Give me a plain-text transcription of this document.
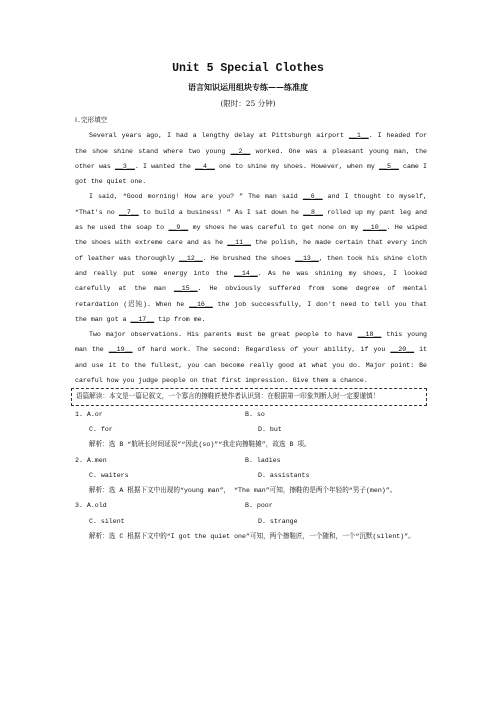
Unit 5 Special Clothes
语言知识运用组块专练——练准度
(限时：25 分钟)
Ⅰ.完形填空

Several years ago, I had a lengthy delay at Pittsburgh airport __1__. I headed for the shoe shine stand where two young __2__ worked. One was a pleasant young man, the other was __3__. I wanted the __4__ one to shine my shoes. However, when my __5__ came I got the quiet one.

I said, “Good morning! How are you? ” The man said __6__ and I thought to myself, “That's no __7__ to build a business! ” As I sat down he __8__ rolled up my pant leg and as he used the soap to __9__ my shoes he was careful to get none on my __10__. He wiped the shoes with extreme care and as he __11__ the polish, he made certain that every inch of leather was thoroughly __12__. He brushed the shoes __13__, then took his shine cloth and really put some energy into the __14__. As he was shining my shoes, I looked carefully at the man __15__. He obviously suffered from some degree of mental retardation (迟钝). When he __16__ the job successfully, I don't need to tell you that the man got a __17__ tip from me.

Two major observations. His parents must be great people to have __18__ this young man the __19__ of hard work. The second: Regardless of your ability, if you __20__ it and use it to the fullest, you can become really good at what you do. Major point: Be careful how you judge people on that first impression. Give them a chance.

语篇解读：本文是一篇记叙文，一个寡言的擦鞋匠使作者认识到：在根据第一印象判断人时一定要谨慎！
1. A.or	B. so
C. for	D. but

解析：选 B “航班长时间延误”“因此(so)”“我走向擦鞋摊”，故选 B 项。

2. A.men	B. ladies
C. waiters	D. assistants

解析：选 A 根据下文中出现的“young man”， “The man”可知，擦鞋的是两个年轻的“男子(men)”。

3. A.old	B. poor
C. silent	D. strange

解析：选 C 根据下文中的“I got the quiet one”可知，两个擦鞋匠，一个随和，一个“沉默(silent)”。
